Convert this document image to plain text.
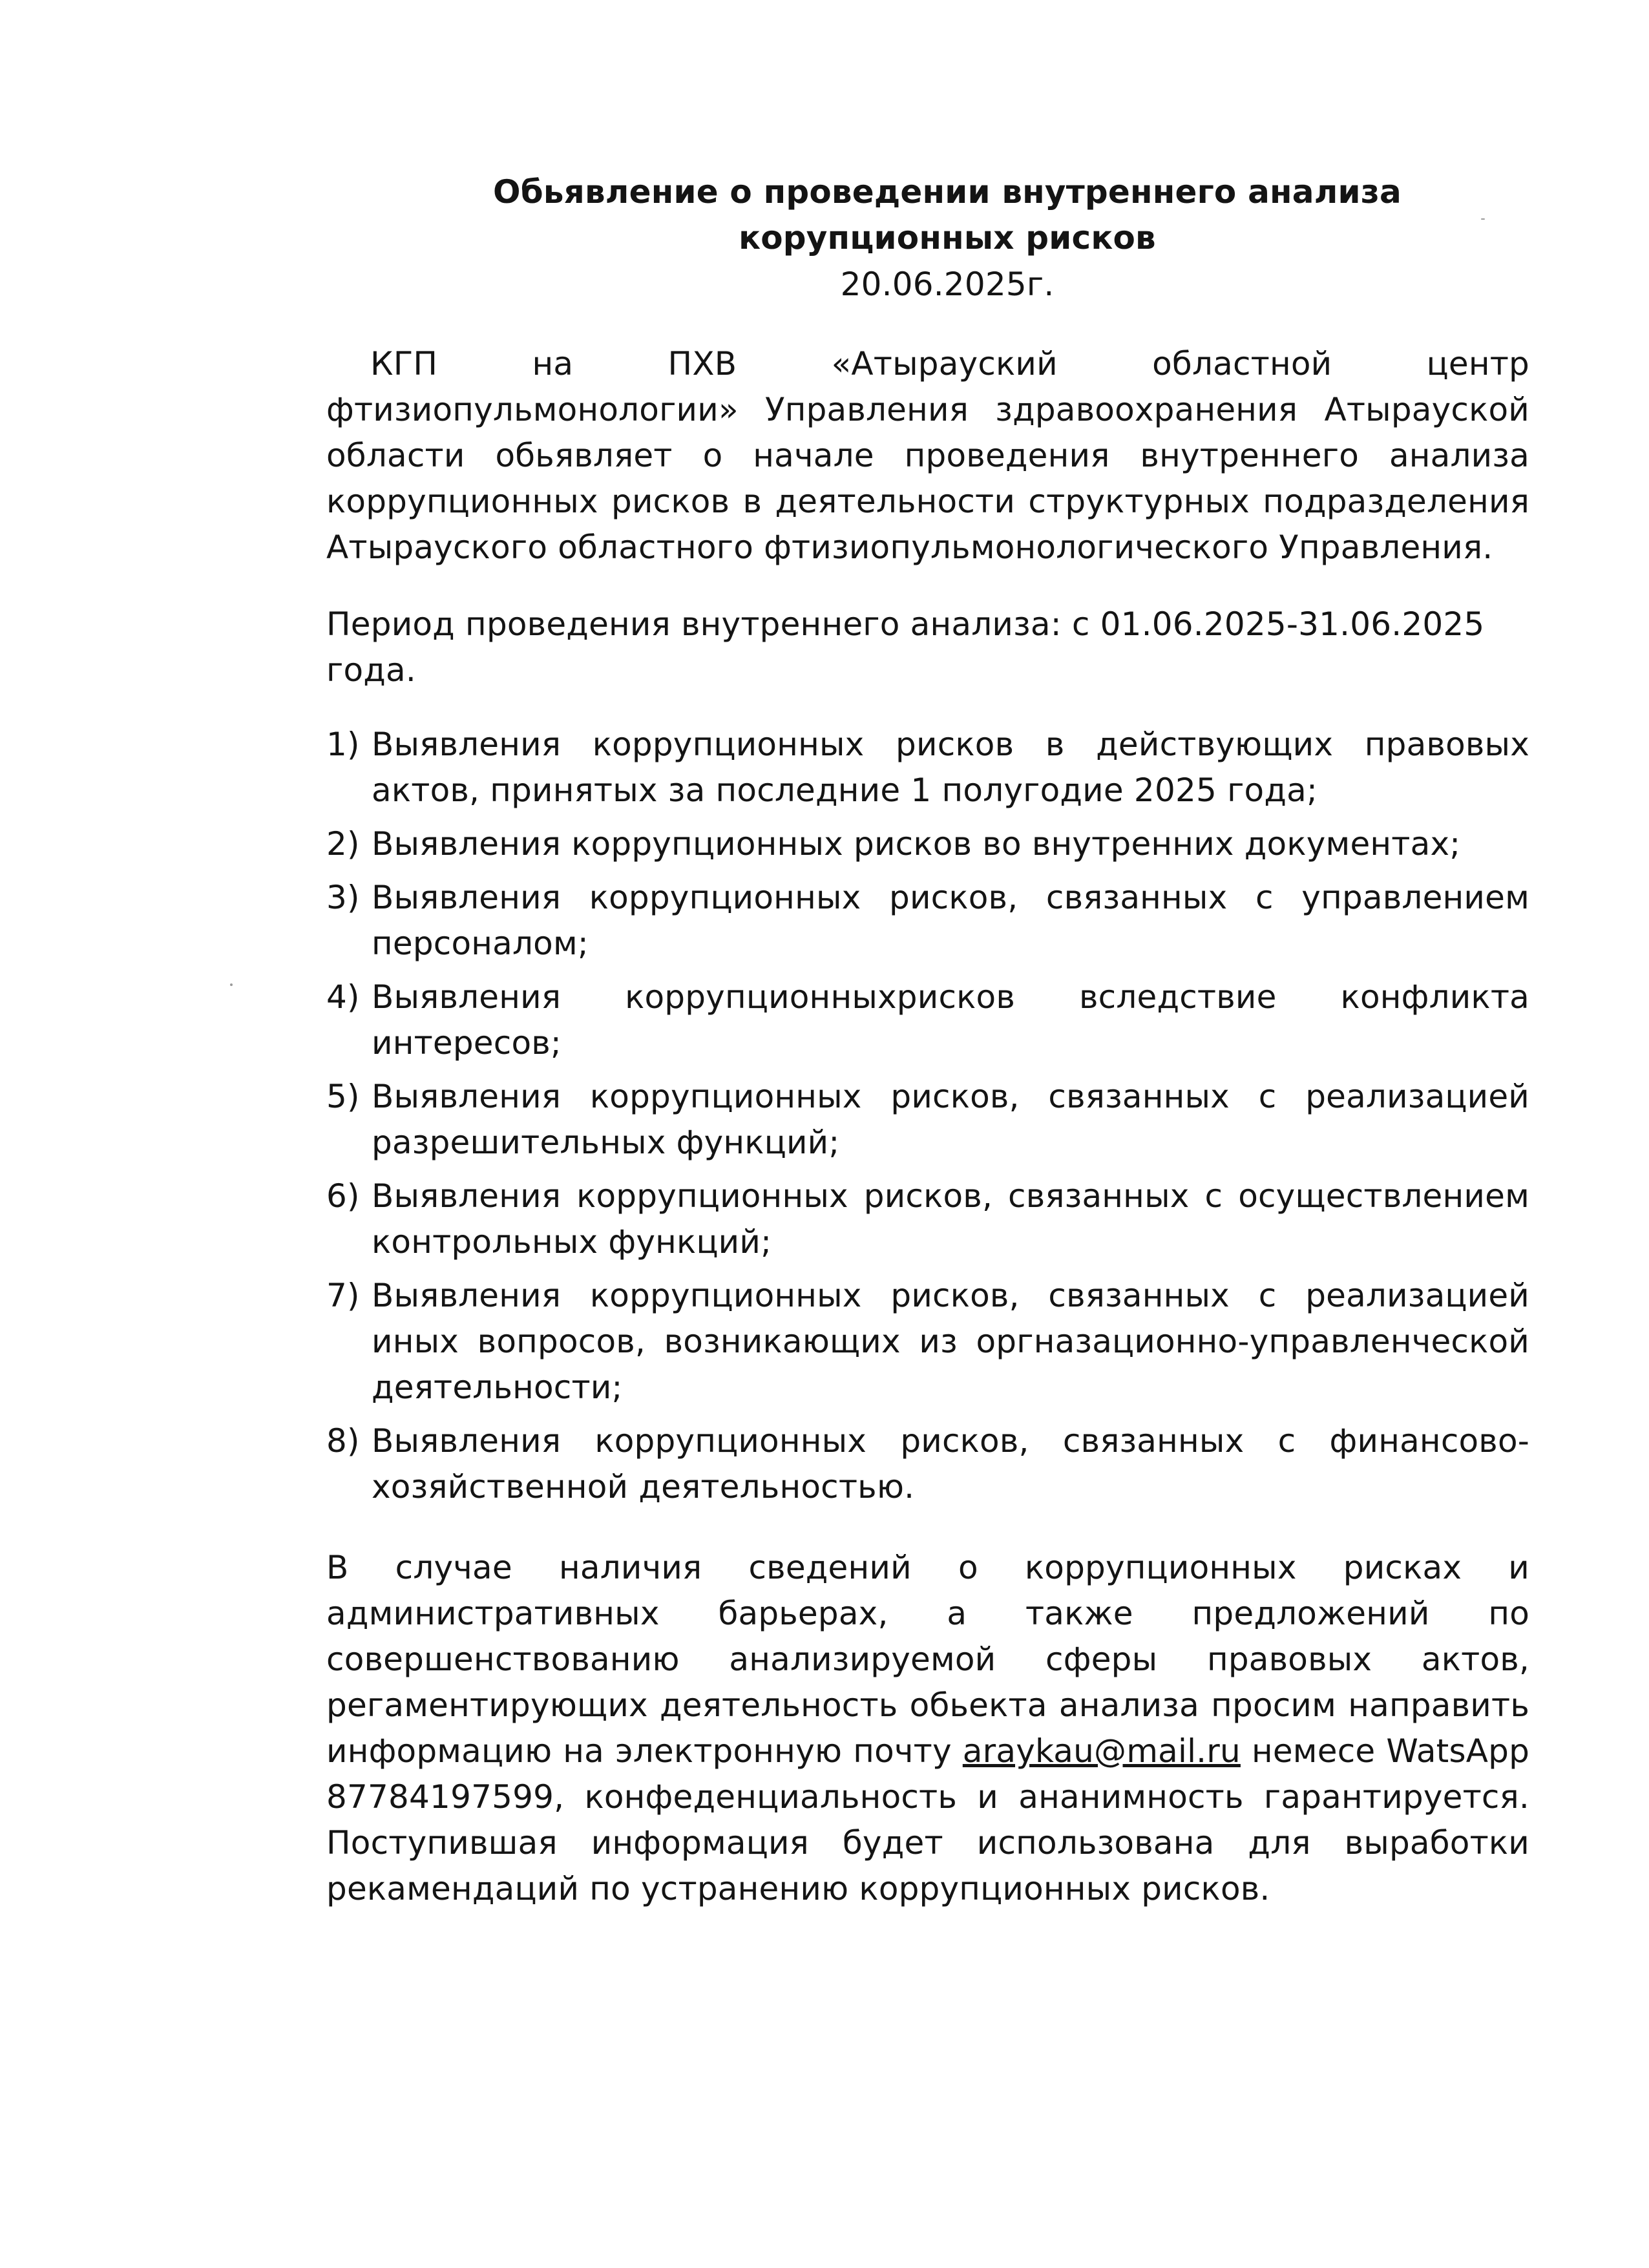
Обьявление о проведении внутреннего анализа корупционных рисков

20.06.2025г.

КГП на ПХВ «Атырауский областной центр фтизиопульмонологии» Управления здравоохранения Атырауской области обьявляет о начале проведения внутреннего анализа коррупционных рисков в деятельности структурных подразделения Атырауского областного фтизиопульмонологического Управления.

Период проведения внутреннего анализа: с 01.06.2025-31.06.2025 года.

1) Выявления коррупционных рисков в действующих правовых актов, принятых за последние 1 полугодие 2025 года;
2) Выявления коррупционных рисков во внутренних документах;
3) Выявления коррупционных рисков, связанных с управлением персоналом;
4) Выявления коррупционныхрисков вследствие конфликта интересов;
5) Выявления коррупционных рисков, связанных с реализацией разрешительных функций;
6) Выявления коррупционных рисков, связанных с осуществлением контрольных функций;
7) Выявления коррупционных рисков, связанных с реализацией иных вопросов, возникающих из оргназационно-управленческой деятельности;
8) Выявления коррупционных рисков, связанных с финансово-хозяйственной деятельностью.

В случае наличия сведений о коррупционных рисках и административных барьерах, а также предложений по совершенствованию анализируемой сферы правовых актов, регаментирующих деятельность обьекта анализа просим направить информацию на электронную почту araykau@mail.ru немесе WatsApp 87784197599, конфеденциальность и ананимность гарантируется. Поступившая информация будет использована для выработки рекамендаций по устранению коррупционных рисков.
